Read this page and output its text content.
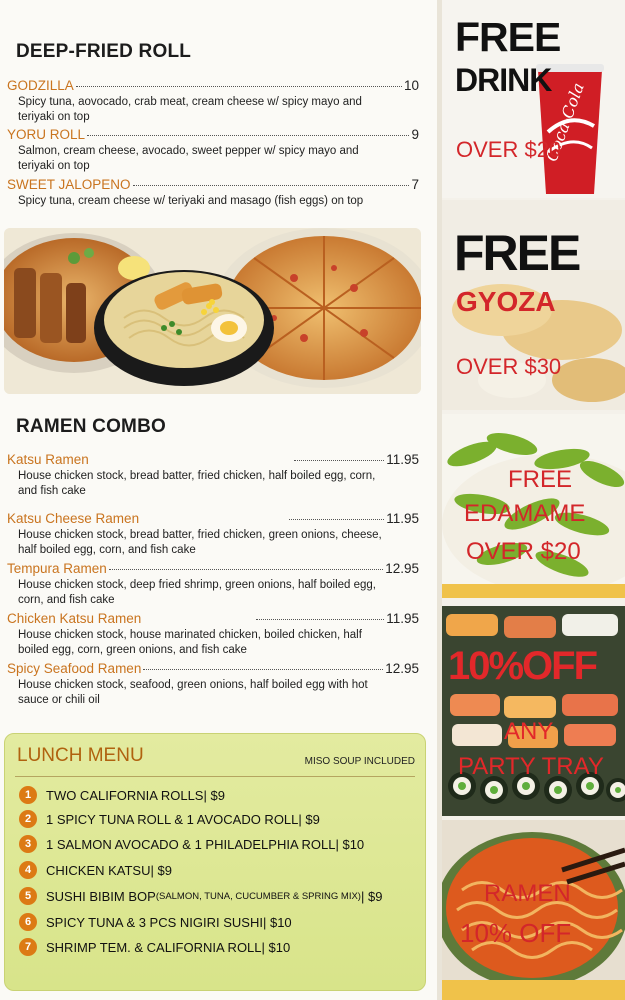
DEEP-FRIED ROLL
GODZILLA	10
Spicy tuna, aovocado, crab meat, cream cheese w/ spicy mayo and teriyaki on top
YORU ROLL	9
Salmon, cream cheese, avocado, sweet pepper w/ spicy mayo and teriyaki on top
SWEET JALOPENO	7
Spicy tuna, cream cheese w/ teriyaki and masago (fish eggs) on top
RAMEN COMBO
Katsu Ramen	11.95
House chicken stock, bread batter, fried chicken, half boiled egg, corn, and fish cake
Katsu Cheese Ramen	11.95
House chicken stock, bread batter, fried chicken, green onions, cheese, half boiled egg, corn, and fish cake
Tempura Ramen	12.95
House chicken stock, deep fried shrimp, green onions, half boiled egg, corn, and fish cake
Chicken Katsu Ramen	11.95
House chicken stock, house marinated chicken, boiled chicken, half boiled egg, corn, green onions, and fish cake
Spicy Seafood Ramen	12.95
House chicken stock, seafood, green onions, half boiled egg with hot sauce or chili oil
LUNCH MENU	MISO SOUP INCLUDED
1	TWO CALIFORNIA ROLLS | $9
2	1 SPICY TUNA ROLL & 1 AVOCADO ROLL | $9
3	1 SALMON AVOCADO & 1 PHILADELPHIA ROLL | $10
4	CHICKEN KATSU | $9
5	SUSHI BIBIM BOP (SALMON, TUNA, CUCUMBER & SPRING MIX) | $9
6	SPICY TUNA & 3 PCS NIGIRI SUSHI | $10
7	SHRIMP TEM. & CALIFORNIA ROLL | $10
Coca-Cola
FREE
DRINK
OVER $20
FREE
GYOZA
OVER $30
FREE
EDAMAME
OVER $20
10%OFF
ANY
PARTY TRAY
RAMEN
10% OFF
